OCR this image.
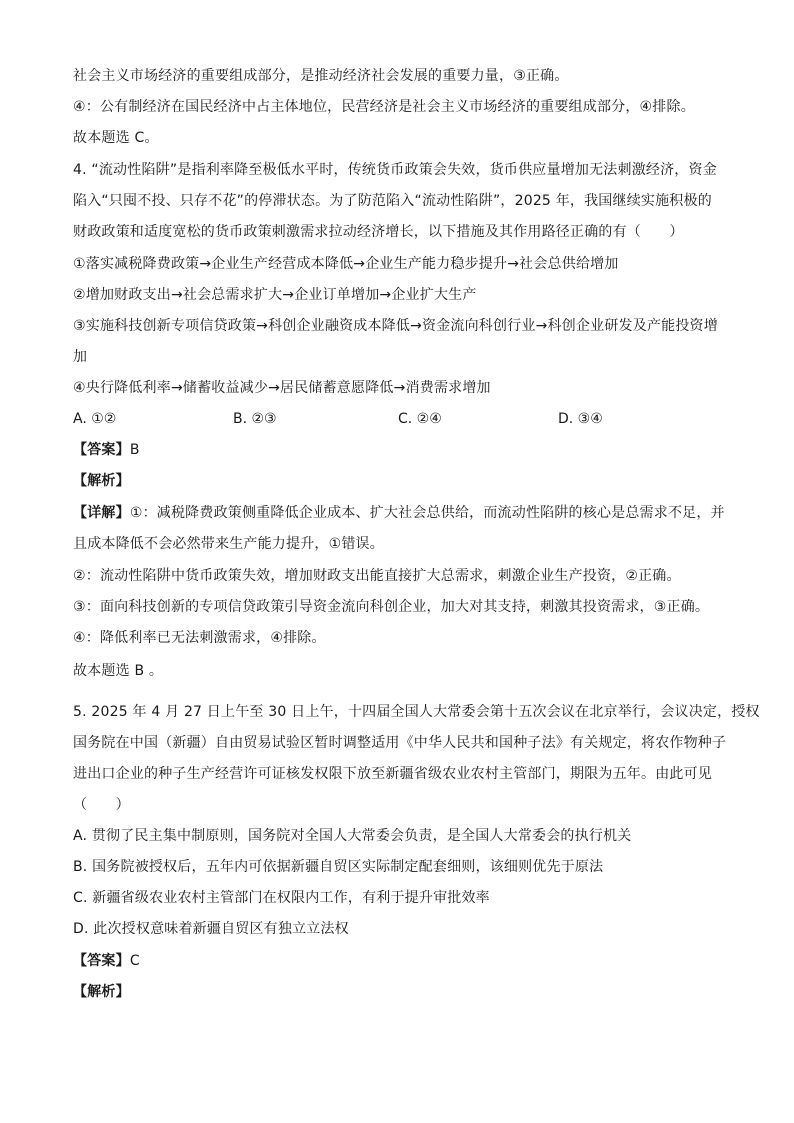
社会主义市场经济的重要组成部分，是推动经济社会发展的重要力量，③正确。
④：公有制经济在国民经济中占主体地位，民营经济是社会主义市场经济的重要组成部分，④排除。
故本题选 C。
4. “流动性陷阱”是指利率降至极低水平时，传统货币政策会失效，货币供应量增加无法刺激经济，资金
陷入“只囤不投、只存不花”的停滞状态。为了防范陷入“流动性陷阱”，2025 年，我国继续实施积极的
财政政策和适度宽松的货币政策刺激需求拉动经济增长，以下措施及其作用路径正确的有（　　）
①落实减税降费政策→企业生产经营成本降低→企业生产能力稳步提升→社会总供给增加
②增加财政支出→社会总需求扩大→企业订单增加→企业扩大生产
③实施科技创新专项信贷政策→科创企业融资成本降低→资金流向科创行业→科创企业研发及产能投资增
加
④央行降低利率→储蓄收益减少→居民储蓄意愿降低→消费需求增加
A. ①②	B. ②③	C. ②④	D. ③④
【答案】B
【解析】
【详解】①：减税降费政策侧重降低企业成本、扩大社会总供给，而流动性陷阱的核心是总需求不足，并
且成本降低不会必然带来生产能力提升，①错误。
②：流动性陷阱中货币政策失效，增加财政支出能直接扩大总需求，刺激企业生产投资，②正确。
③：面向科技创新的专项信贷政策引导资金流向科创企业，加大对其支持，刺激其投资需求，③正确。
④：降低利率已无法刺激需求，④排除。
故本题选 B 。
5. 2025 年 4 月 27 日上午至 30 日上午，十四届全国人大常委会第十五次会议在北京举行，会议决定，授权
国务院在中国（新疆）自由贸易试验区暂时调整适用《中华人民共和国种子法》有关规定，将农作物种子
进出口企业的种子生产经营许可证核发权限下放至新疆省级农业农村主管部门，期限为五年。由此可见
（　　）
A. 贯彻了民主集中制原则，国务院对全国人大常委会负责，是全国人大常委会的执行机关
B. 国务院被授权后，五年内可依据新疆自贸区实际制定配套细则，该细则优先于原法
C. 新疆省级农业农村主管部门在权限内工作，有利于提升审批效率
D. 此次授权意味着新疆自贸区有独立立法权
【答案】C
【解析】
